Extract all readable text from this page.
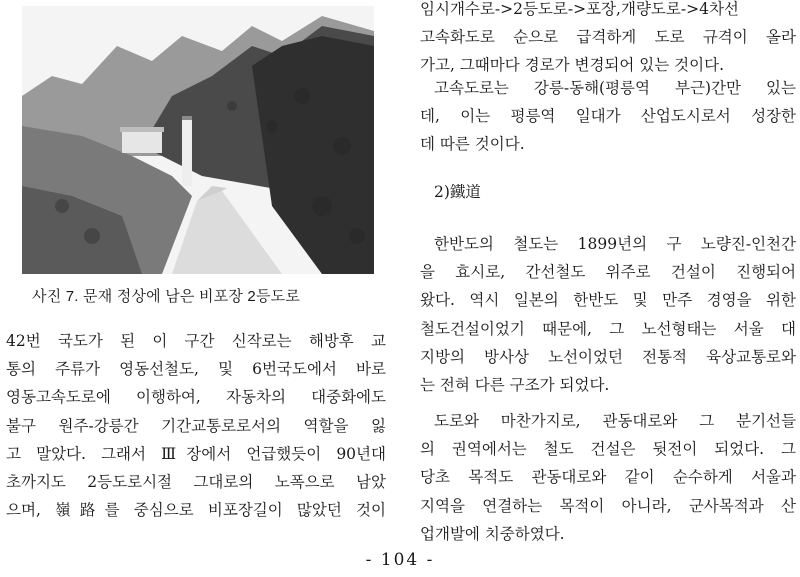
사진 7. 문재 정상에 남은 비포장 2등도로

42번 국도가 된 이 구간 신작로는 해방후 교
통의 주류가 영동선철도, 및 6번국도에서 바로
영동고속도로에 이행하여, 자동차의 대중화에도
불구 원주-강릉간 기간교통로로서의 역할을 잃
고 말았다. 그래서 Ⅲ장에서 언급했듯이 90년대
초까지도 2등도로시절 그대로의 노폭으로 남았
으며, 嶺路를 중심으로 비포장길이 많았던 것이

임시개수로->2등도로->포장,개량도로->4차선
고속화도로 순으로 급격하게 도로 규격이 올라
가고, 그때마다 경로가 변경되어 있는 것이다.

고속도로는 강릉-동해(평릉역 부근)간만 있는
데, 이는 평릉역 일대가 산업도시로서 성장한
데 따른 것이다.

2)鐵道

한반도의 철도는 1899년의 구 노량진-인천간
을 효시로, 간선철도 위주로 건설이 진행되어
왔다. 역시 일본의 한반도 및 만주 경영을 위한
철도건설이었기 때문에, 그 노선형태는 서울 대
지방의 방사상 노선이었던 전통적 육상교통로와
는 전혀 다른 구조가 되었다.

도로와 마찬가지로, 관동대로와 그 분기선들
의 권역에서는 철도 건설은 뒷전이 되었다. 그
당초 목적도 관동대로와 같이 순수하게 서울과
지역을 연결하는 목적이 아니라, 군사목적과 산
업개발에 치중하였다.

- 104 -
